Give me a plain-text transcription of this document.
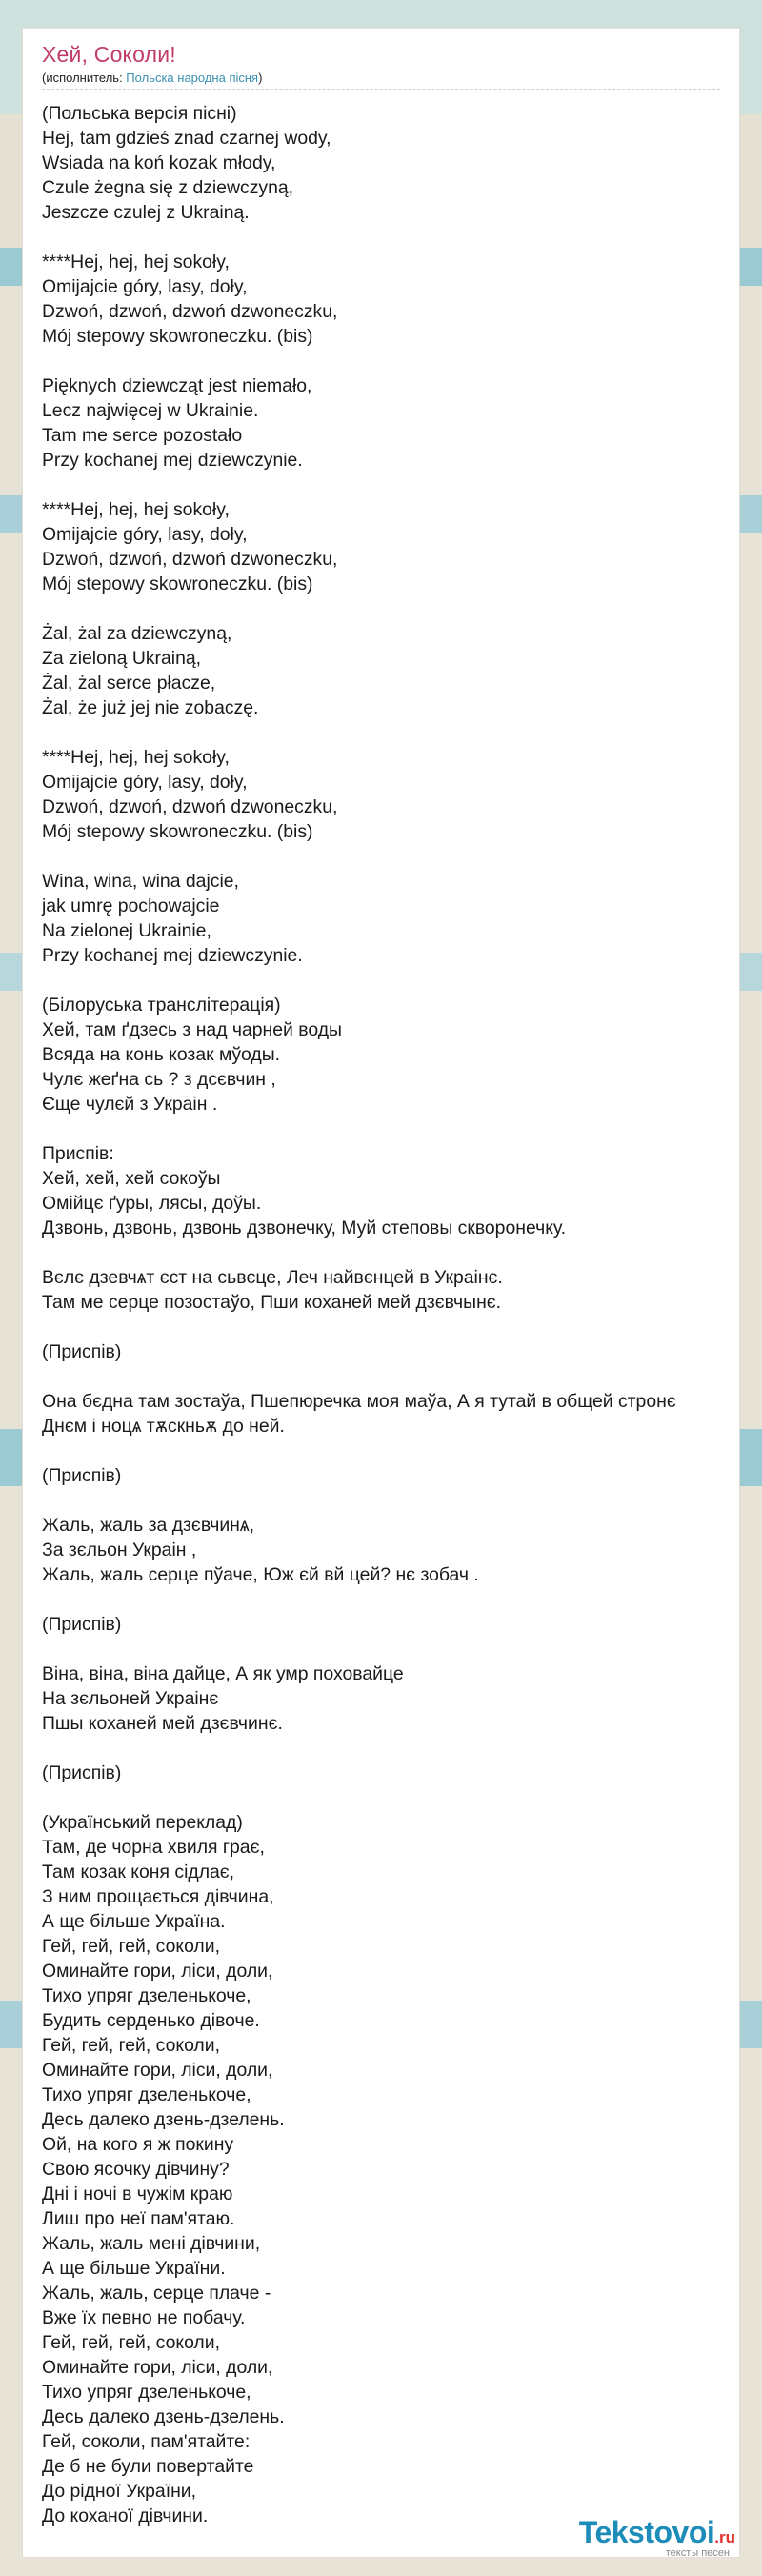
Хей, Соколи!
(исполнитель: Польска народна пісня)
(Польська версія пісні)
Hej, tam gdzieś znad czarnej wody,
Wsiada na koń kozak młody,
Czule żegna się z dziewczyną,
Jeszcze czulej z Ukrainą.
****Hej, hej, hej sokoły,
Omijajcie góry, lasy, doły,
Dzwoń, dzwoń, dzwoń dzwoneczku,
Mój stepowy skowroneczku. (bis)
Pięknych dziewcząt jest niemało,
Lecz najwięcej w Ukrainie.
Tam me serce pozostało
Przy kochanej mej dziewczynie.
****Hej, hej, hej sokoły,
Omijajcie góry, lasy, doły,
Dzwoń, dzwoń, dzwoń dzwoneczku,
Mój stepowy skowroneczku. (bis)
Żal, żal za dziewczyną,
Za zieloną Ukrainą,
Żal, żal serce płacze,
Żal, że już jej nie zobaczę.
****Hej, hej, hej sokoły,
Omijajcie góry, lasy, doły,
Dzwoń, dzwoń, dzwoń dzwoneczku,
Mój stepowy skowroneczku. (bis)
Wina, wina, wina dajcie,
jak umrę pochowajcie
Na zielonej Ukrainie,
Przy kochanej mej dziewczynie.
(Білоруська транслітерація)
Хей, там ґдзесь з над чарней воды
Всяда на конь козак мўоды.
Чулє жеґна сь ? з дсєвчин ,
Єще чулєй з Украін .
Приспів:
Хей, хей, хей сокоўы
Омійцє ґуры, лясы, доўы.
Дзвонь, дзвонь, дзвонь дзвонечку, Муй степовы скворонечку.
Вєлє дзевчѧт єст на сьвєце, Леч найвєнцей в Украінє.
Там ме серце позостаўо, Пши коханей мей дзєвчынє.
(Приспів)
Она бєдна там зостаўа, Пшепюречка моя маўа, А я тутай в общей стронє
Днєм і ноцѧ тѫскньѫ до ней.
(Приспів)
Жаль, жаль за дзєвчинѧ,
За зєльон Украін ,
Жаль, жаль серце пўаче, Юж єй вй цей? нє зобач .
(Приспів)
Віна, віна, віна дайце, А як умр поховайце
На зєльоней Украінє
Пшы коханей мей дзєвчинє.
(Приспів)
(Український переклад)
Там, де чорна хвиля грає,
Там козак коня сідлає,
З ним прощається дівчина,
А ще більше Україна.
Гей, гей, гей, соколи,
Оминайте гори, ліси, доли,
Тихо упряг дзеленькоче,
Будить серденько дівоче.
Гей, гей, гей, соколи,
Оминайте гори, ліси, доли,
Тихо упряг дзеленькоче,
Десь далеко дзень-дзелень.
Ой, на кого я ж покину
Свою ясочку дівчину?
Дні і ночі в чужім краю
Лиш про неї пам'ятаю.
Жаль, жаль мені дівчини,
А ще більше України.
Жаль, жаль, серце плаче -
Вже їх певно не побачу.
Гей, гей, гей, соколи,
Оминайте гори, ліси, доли,
Тихо упряг дзеленькоче,
Десь далеко дзень-дзелень.
Гей, соколи, пам'ятайте:
Де б не були повертайте
До рідної України,
До коханої дівчини.	Tekstovoi.ru
тексты песен
